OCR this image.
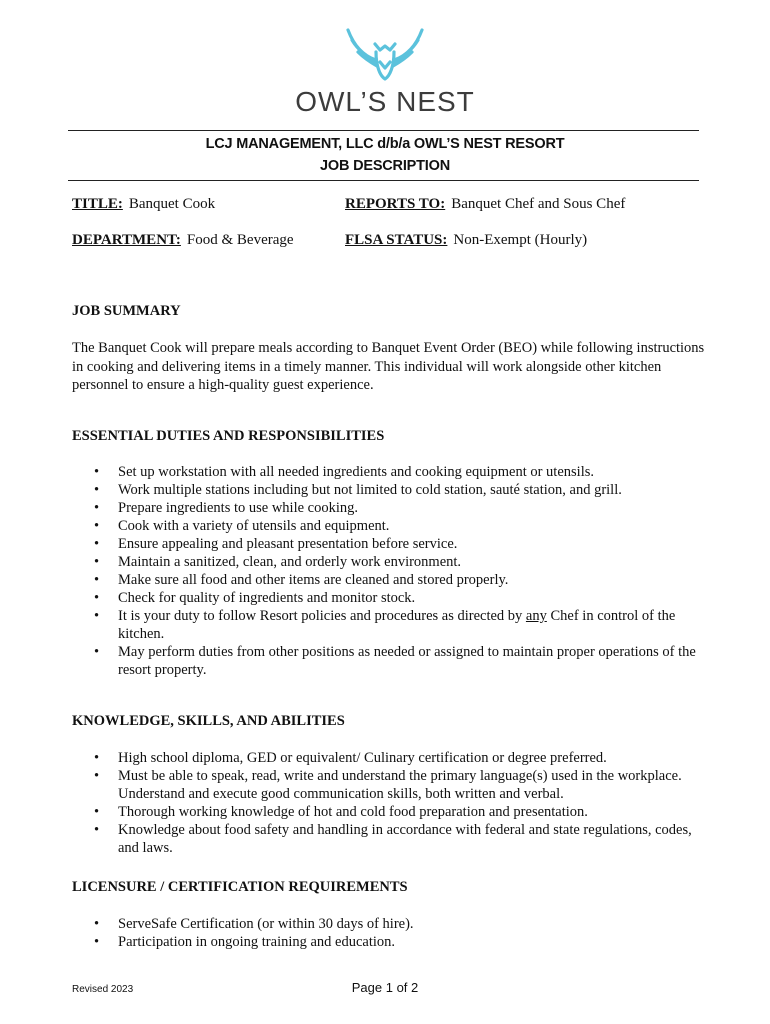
OWL’S NEST
LCJ MANAGEMENT, LLC d/b/a OWL’S NEST RESORT
JOB DESCRIPTION
TITLE: Banquet Cook	REPORTS TO: Banquet Chef and Sous Chef
DEPARTMENT: Food & Beverage	FLSA STATUS: Non-Exempt (Hourly)
JOB SUMMARY
The Banquet Cook will prepare meals according to Banquet Event Order (BEO) while following instructions in cooking and delivering items in a timely manner. This individual will work alongside other kitchen personnel to ensure a high-quality guest experience.
ESSENTIAL DUTIES AND RESPONSIBILITIES
• Set up workstation with all needed ingredients and cooking equipment or utensils.
• Work multiple stations including but not limited to cold station, sauté station, and grill.
• Prepare ingredients to use while cooking.
• Cook with a variety of utensils and equipment.
• Ensure appealing and pleasant presentation before service.
• Maintain a sanitized, clean, and orderly work environment.
• Make sure all food and other items are cleaned and stored properly.
• Check for quality of ingredients and monitor stock.
• It is your duty to follow Resort policies and procedures as directed by any Chef in control of the kitchen.
• May perform duties from other positions as needed or assigned to maintain proper operations of the resort property.
KNOWLEDGE, SKILLS, AND ABILITIES
• High school diploma, GED or equivalent/ Culinary certification or degree preferred.
• Must be able to speak, read, write and understand the primary language(s) used in the workplace. Understand and execute good communication skills, both written and verbal.
• Thorough working knowledge of hot and cold food preparation and presentation.
• Knowledge about food safety and handling in accordance with federal and state regulations, codes, and laws.
LICENSURE / CERTIFICATION REQUIREMENTS
• ServeSafe Certification (or within 30 days of hire).
• Participation in ongoing training and education.
Revised 2023	Page 1 of 2
